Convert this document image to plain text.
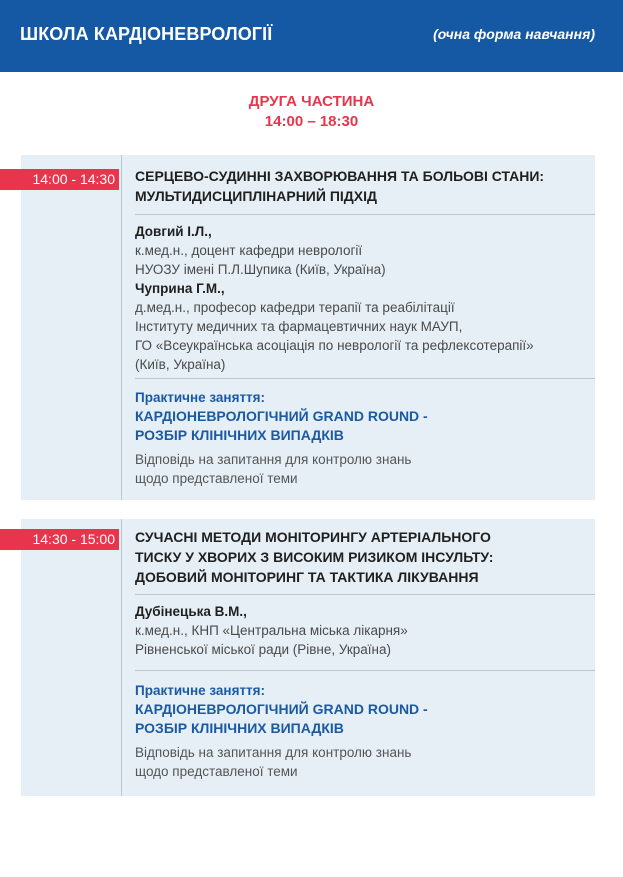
ШКОЛА КАРДІОНЕВРОЛОГІЇ	(очна форма навчання)
ДРУГА ЧАСТИНА
14:00 – 18:30
14:00 - 14:30 СЕРЦЕВО-СУДИННІ ЗАХВОРЮВАННЯ ТА БОЛЬОВІ СТАНИ:
МУЛЬТИДИСЦИПЛІНАРНИЙ ПІДХІД
Довгий І.Л.,
к.мед.н., доцент кафедри неврології
НУОЗУ імені П.Л.Шупика (Київ, Україна)
Чуприна Г.М.,
д.мед.н., професор кафедри терапії та реабілітації
Інституту медичних та фармацевтичних наук МАУП,
ГО «Всеукраїнська асоціація по неврології та рефлексотерапії»
(Київ, Україна)
Практичне заняття:
КАРДІОНЕВРОЛОГІЧНИЙ GRAND ROUND -
РОЗБІР КЛІНІЧНИХ ВИПАДКІВ
Відповідь на запитання для контролю знань
щодо представленої теми
14:30 - 15:00 СУЧАСНІ МЕТОДИ МОНІТОРИНГУ АРТЕРІАЛЬНОГО
ТИСКУ У ХВОРИХ З ВИСОКИМ РИЗИКОМ ІНСУЛЬТУ:
ДОБОВИЙ МОНІТОРИНГ ТА ТАКТИКА ЛІКУВАННЯ
Дубінецька В.М.,
к.мед.н., КНП «Центральна міська лікарня»
Рівненської міської ради (Рівне, Україна)
Практичне заняття:
КАРДІОНЕВРОЛОГІЧНИЙ GRAND ROUND -
РОЗБІР КЛІНІЧНИХ ВИПАДКІВ
Відповідь на запитання для контролю знань
щодо представленої теми
